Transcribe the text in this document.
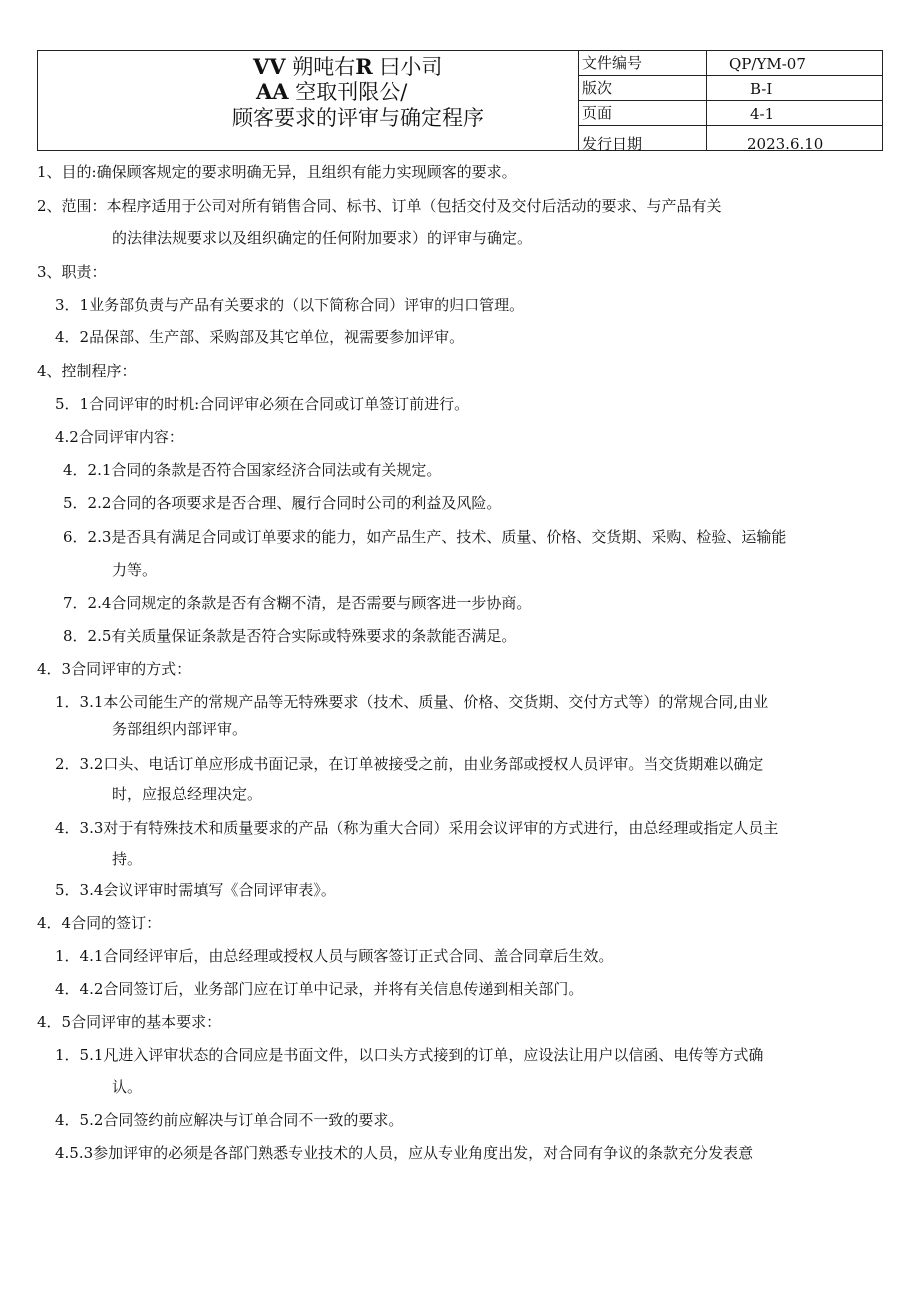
VV 朔吨右R 曰小司
AA 空取刊限公/
顾客要求的评审与确定程序
文件编号	QP/YM-07
版次	B-I
页面	4-1
发行日期	2023.6.10
1、目的:确保顾客规定的要求明确无异，且组织有能力实现顾客的要求。
2、范围：本程序适用于公司对所有销售合同、标书、订单（包括交付及交付后活动的要求、与产品有关
的法律法规要求以及组织确定的任何附加要求）的评审与确定。
3、职责：
3．1业务部负责与产品有关要求的（以下简称合同）评审的归口管理。
4．2品保部、生产部、采购部及其它单位，视需要参加评审。
4、控制程序：
5．1合同评审的时机:合同评审必须在合同或订单签订前进行。
4.2合同评审内容：
4．2.1合同的条款是否符合国家经济合同法或有关规定。
5．2.2合同的各项要求是否合理、履行合同时公司的利益及风险。
6．2.3是否具有满足合同或订单要求的能力，如产品生产、技术、质量、价格、交货期、采购、检验、运输能
力等。
7．2.4合同规定的条款是否有含糊不清，是否需要与顾客进一步协商。
8．2.5有关质量保证条款是否符合实际或特殊要求的条款能否满足。
4．3合同评审的方式：
1．3.1本公司能生产的常规产品等无特殊要求（技术、质量、价格、交货期、交付方式等）的常规合同,由业
务部组织内部评审。
2．3.2口头、电话订单应形成书面记录，在订单被接受之前，由业务部或授权人员评审。当交货期难以确定
时，应报总经理决定。
4．3.3对于有特殊技术和质量要求的产品（称为重大合同）采用会议评审的方式进行，由总经理或指定人员主
持。
5．3.4会议评审时需填写《合同评审表》。
4．4合同的签订：
1．4.1合同经评审后，由总经理或授权人员与顾客签订正式合同、盖合同章后生效。
4．4.2合同签订后，业务部门应在订单中记录，并将有关信息传递到相关部门。
4．5合同评审的基本要求：
1．5.1凡进入评审状态的合同应是书面文件，以口头方式接到的订单，应设法让用户以信函、电传等方式确
认。
4．5.2合同签约前应解决与订单合同不一致的要求。
4.5.3参加评审的必须是各部门熟悉专业技术的人员，应从专业角度出发，对合同有争议的条款充分发表意
